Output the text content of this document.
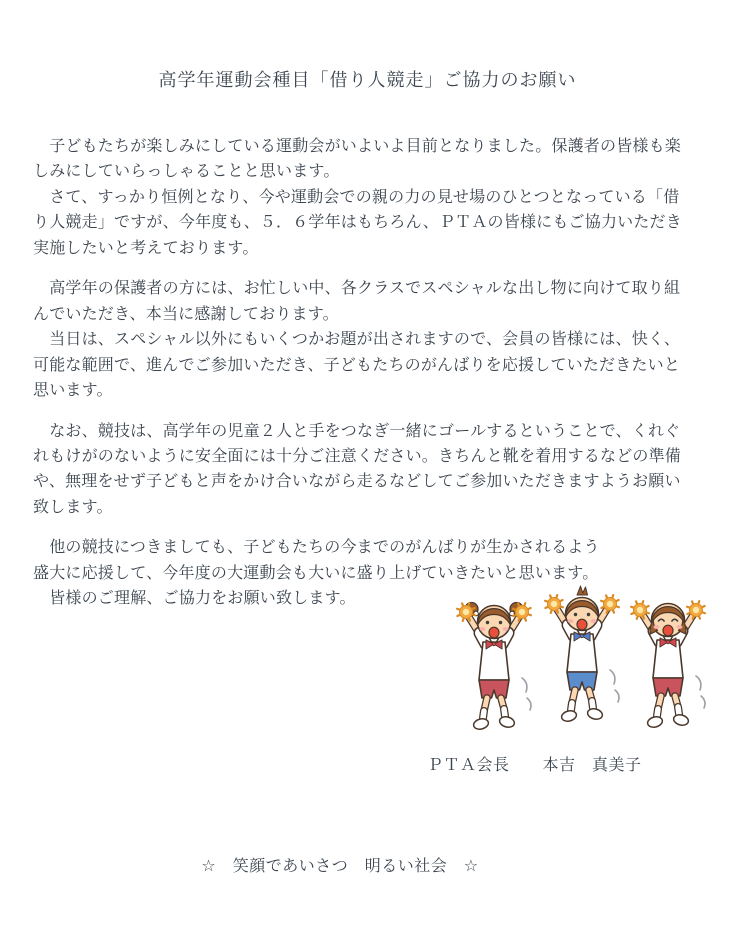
高学年運動会種目「借り人競走」ご協力のお願い

　子どもたちが楽しみにしている運動会がいよいよ目前となりました。保護者の皆様も楽
しみにしていらっしゃることと思います。

　さて、すっかり恒例となり、今や運動会での親の力の見せ場のひとつとなっている「借
り人競走」ですが、今年度も、５．６学年はもちろん、ＰＴＡの皆様にもご協力いただき
実施したいと考えております。

　高学年の保護者の方には、お忙しい中、各クラスでスペシャルな出し物に向けて取り組
んでいただき、本当に感謝しております。

　当日は、スペシャル以外にもいくつかお題が出されますので、会員の皆様には、快く、
可能な範囲で、進んでご参加いただき、子どもたちのがんばりを応援していただきたいと
思います。

　なお、競技は、高学年の児童２人と手をつなぎ一緒にゴールするということで、くれぐ
れもけがのないように安全面には十分ご注意ください。きちんと靴を着用するなどの準備
や、無理をせず子どもと声をかけ合いながら走るなどしてご参加いただきますようお願い
致します。

　他の競技につきましても、子どもたちの今までのがんばりが生かされるよう
盛大に応援して、今年度の大運動会も大いに盛り上げていきたいと思います。

　皆様のご理解、ご協力をお願い致します。

ＰＴＡ会長　　本吉　真美子
☆　笑顔であいさつ　明るい社会　☆
